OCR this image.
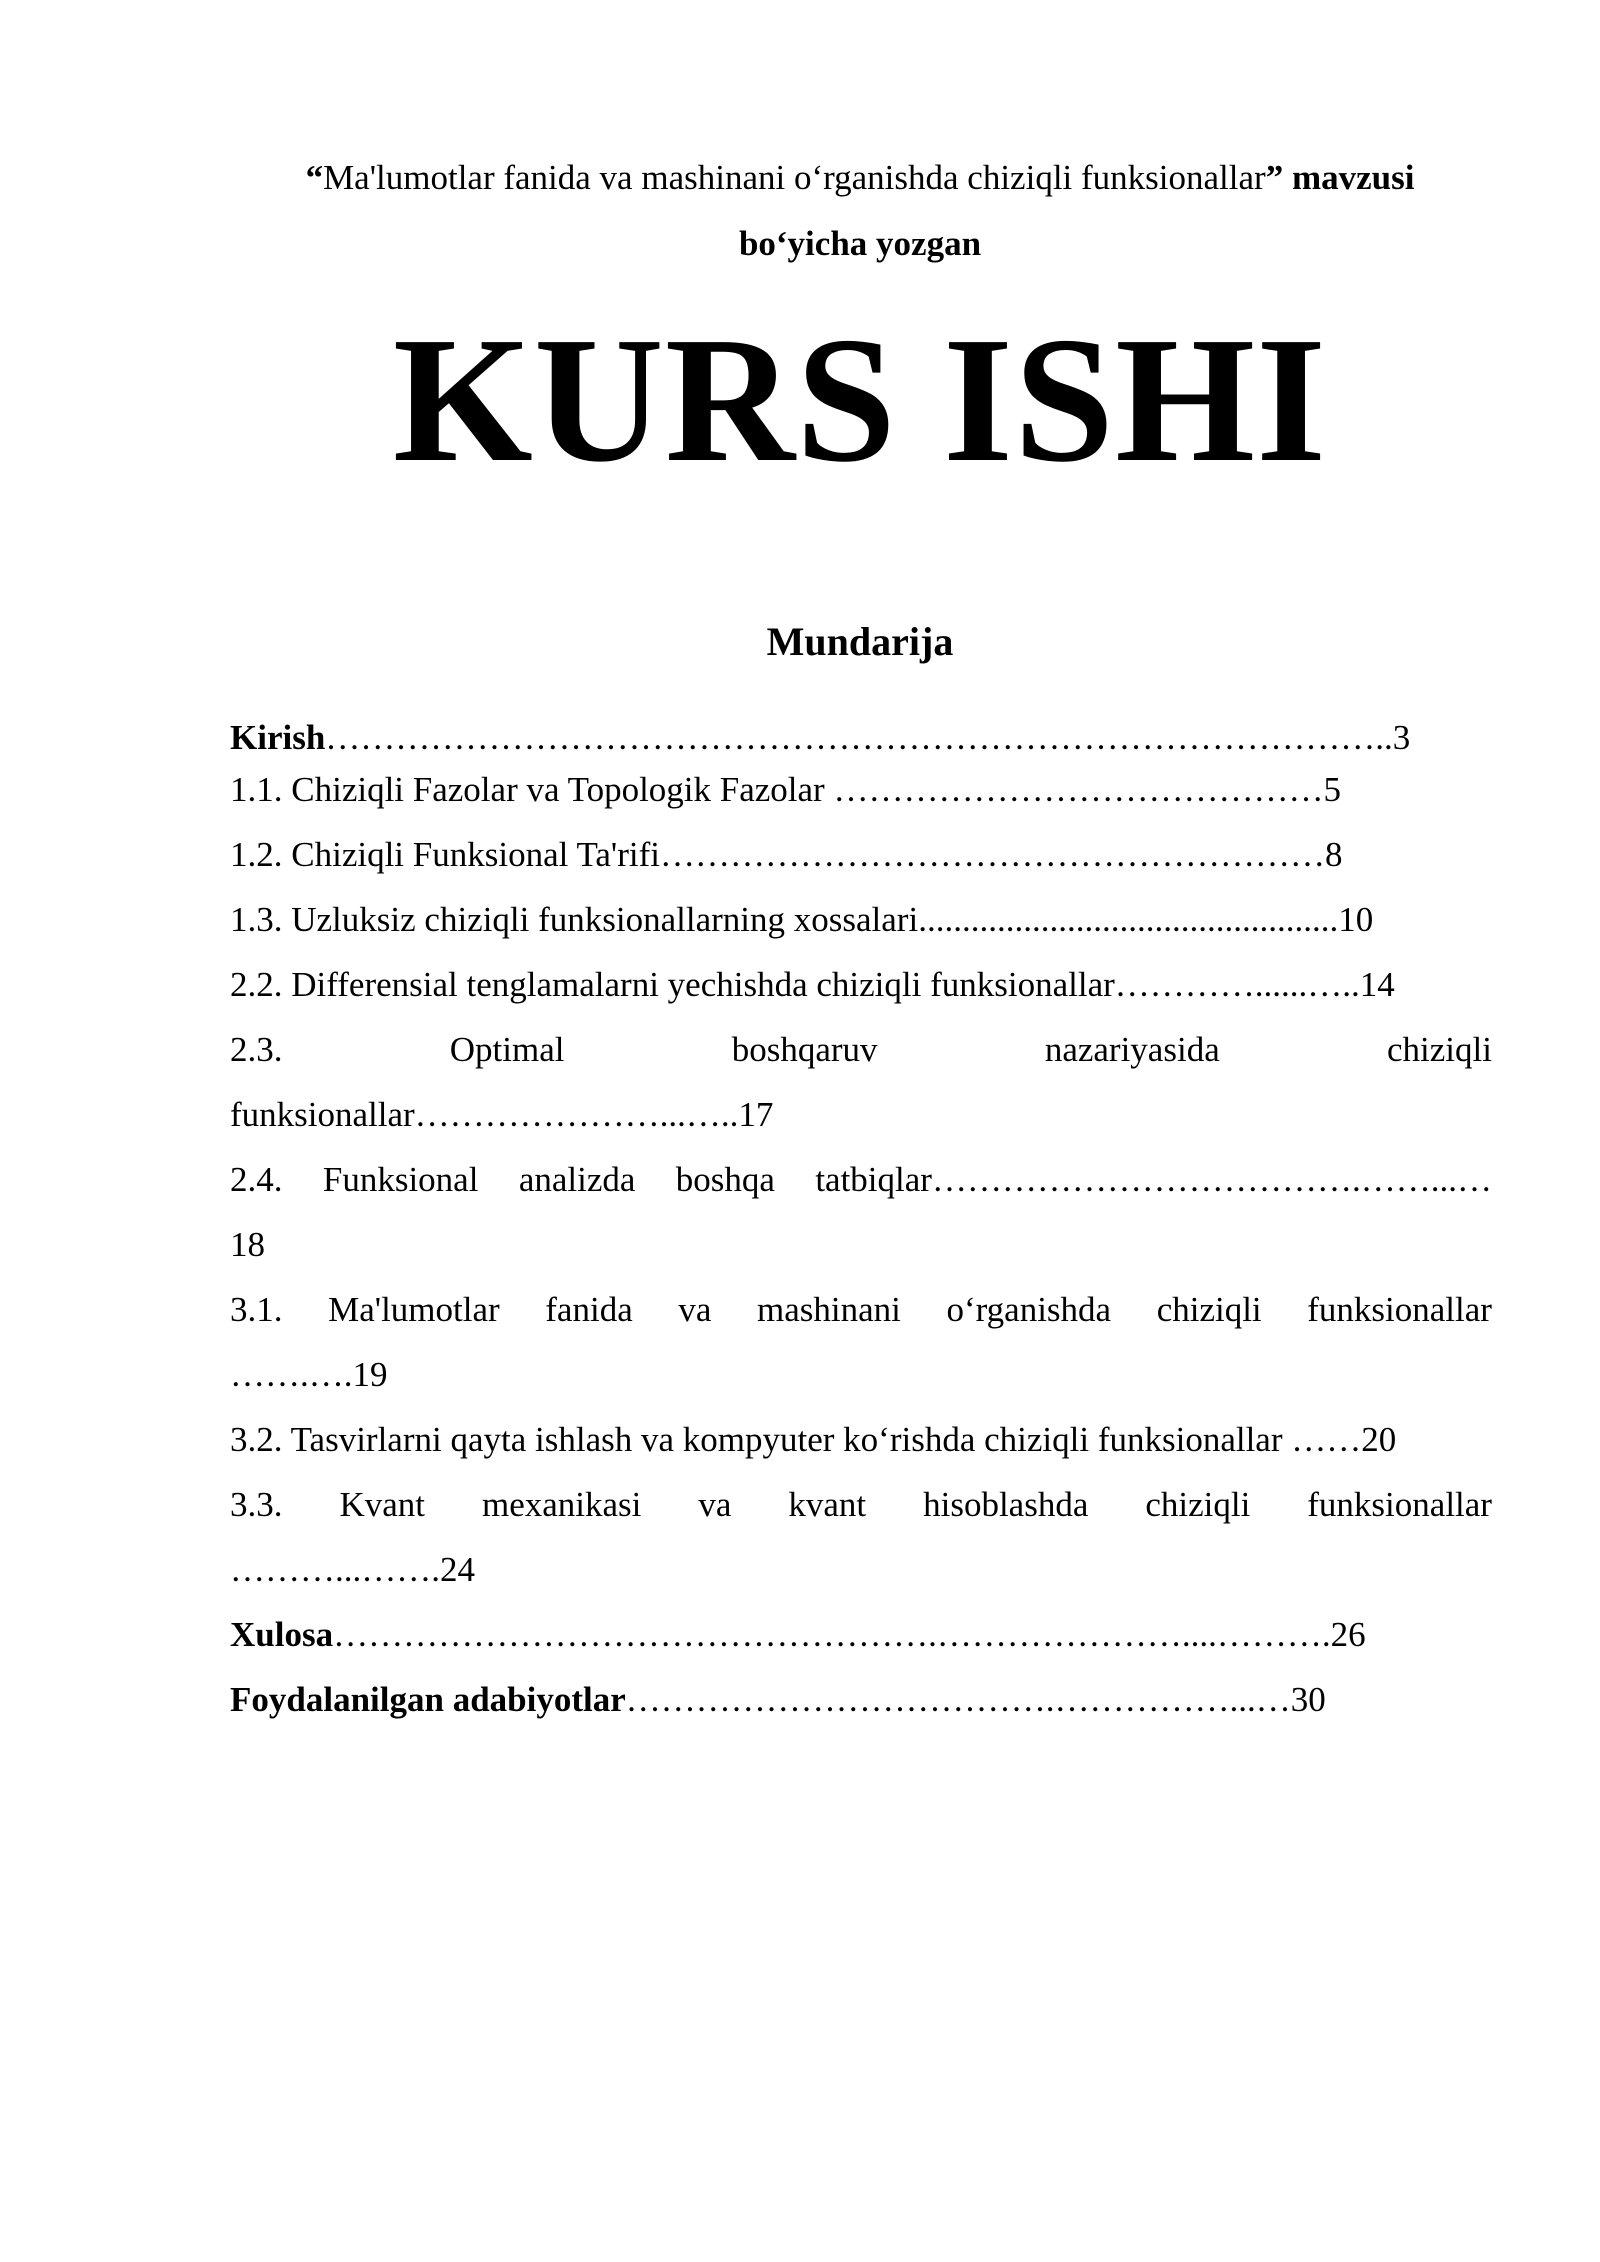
“Ma'lumotlar fanida va mashinani o‘rganishda chiziqli funksionallar” mavzusi
bo‘yicha yozgan
KURS ISHI
Mundarija
Kirish………………………………………………………………………………..3
1.1. Chiziqli Fazolar va Topologik Fazolar ……………………………………5
1.2. Chiziqli Funksional Ta'rifi…………………………………………………8
1.3. Uzluksiz chiziqli funksionallarning xossalari................................................10
2.2. Differensial tenglamalarni yechishda chiziqli funksionallar…………......…..14
2.3.	Optimal	boshqaruv	nazariyasida	chiziqli
funksionallar…………………...…..17
2.4. Funksional analizda boshqa tatbiqlar……………………………….……...…
18
3.1. Ma'lumotlar fanida va mashinani o‘rganishda chiziqli funksionallar
…….….19
3.2. Tasvirlarni qayta ishlash va kompyuter ko‘rishda chiziqli funksionallar ……20
3.3. Kvant mexanikasi va kvant hisoblashda chiziqli funksionallar
………...…….24
Xulosa…………………………………………….…………………....……….26
Foydalanilgan adabiyotlar……………………………….……………...…30
